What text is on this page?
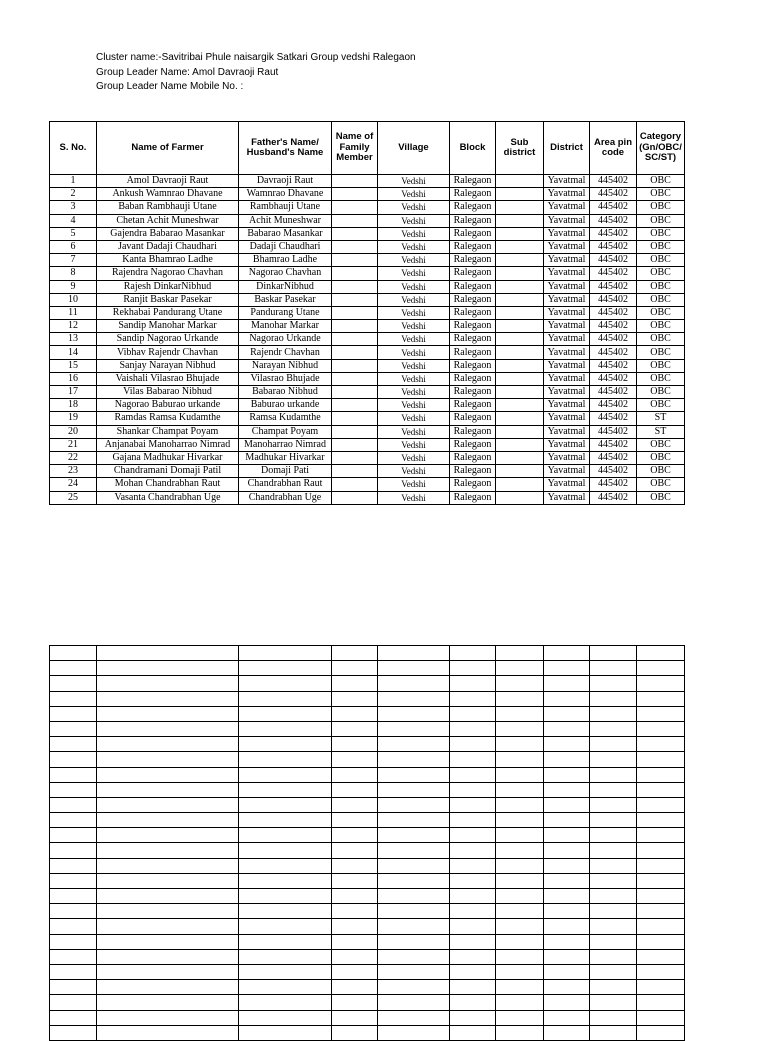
Cluster name:-Savitribai Phule naisargik Satkari Group vedshi Ralegaon
Group Leader Name: Amol Davraoji Raut
Group Leader Name Mobile No. :
S. No.	Name of Farmer	Father's Name/ Husband's Name	Name of Family Member	Village	Block	Sub district	District	Area pin code	Category (Gn/OBC/ SC/ST)
1	Amol Davraoji Raut	Davraoji Raut		Vedshi	Ralegaon		Yavatmal	445402	OBC
2	Ankush Wamnrao Dhavane	Wamnrao Dhavane		Vedshi	Ralegaon		Yavatmal	445402	OBC
3	Baban Rambhauji Utane	Rambhauji Utane		Vedshi	Ralegaon		Yavatmal	445402	OBC
4	Chetan Achit Muneshwar	Achit Muneshwar		Vedshi	Ralegaon		Yavatmal	445402	OBC
5	Gajendra Babarao Masankar	Babarao Masankar		Vedshi	Ralegaon		Yavatmal	445402	OBC
6	Javant Dadaji Chaudhari	Dadaji Chaudhari		Vedshi	Ralegaon		Yavatmal	445402	OBC
7	Kanta Bhamrao Ladhe	Bhamrao Ladhe		Vedshi	Ralegaon		Yavatmal	445402	OBC
8	Rajendra Nagorao Chavhan	Nagorao Chavhan		Vedshi	Ralegaon		Yavatmal	445402	OBC
9	Rajesh DinkarNibhud	DinkarNibhud		Vedshi	Ralegaon		Yavatmal	445402	OBC
10	Ranjit Baskar Pasekar	Baskar Pasekar		Vedshi	Ralegaon		Yavatmal	445402	OBC
11	Rekhabai Pandurang Utane	Pandurang Utane		Vedshi	Ralegaon		Yavatmal	445402	OBC
12	Sandip Manohar Markar	Manohar Markar		Vedshi	Ralegaon		Yavatmal	445402	OBC
13	Sandip Nagorao Urkande	Nagorao Urkande		Vedshi	Ralegaon		Yavatmal	445402	OBC
14	Vibhav Rajendr Chavhan	Rajendr Chavhan		Vedshi	Ralegaon		Yavatmal	445402	OBC
15	Sanjay Narayan Nibhud	Narayan Nibhud		Vedshi	Ralegaon		Yavatmal	445402	OBC
16	Vaishali Vilasrao Bhujade	Vilasrao Bhujade		Vedshi	Ralegaon		Yavatmal	445402	OBC
17	Vilas Babarao Nibhud	Babarao Nibhud		Vedshi	Ralegaon		Yavatmal	445402	OBC
18	Nagorao Baburao urkande	Baburao urkande		Vedshi	Ralegaon		Yavatmal	445402	OBC
19	Ramdas Ramsa Kudamthe	Ramsa Kudamthe		Vedshi	Ralegaon		Yavatmal	445402	ST
20	Shankar Champat Poyam	Champat Poyam		Vedshi	Ralegaon		Yavatmal	445402	ST
21	Anjanabai Manoharrao Nimrad	Manoharrao Nimrad		Vedshi	Ralegaon		Yavatmal	445402	OBC
22	Gajana Madhukar Hivarkar	Madhukar Hivarkar		Vedshi	Ralegaon		Yavatmal	445402	OBC
23	Chandramani Domaji Patil	Domaji Pati		Vedshi	Ralegaon		Yavatmal	445402	OBC
24	Mohan Chandrabhan Raut	Chandrabhan Raut		Vedshi	Ralegaon		Yavatmal	445402	OBC
25	Vasanta Chandrabhan Uge	Chandrabhan Uge		Vedshi	Ralegaon		Yavatmal	445402	OBC
